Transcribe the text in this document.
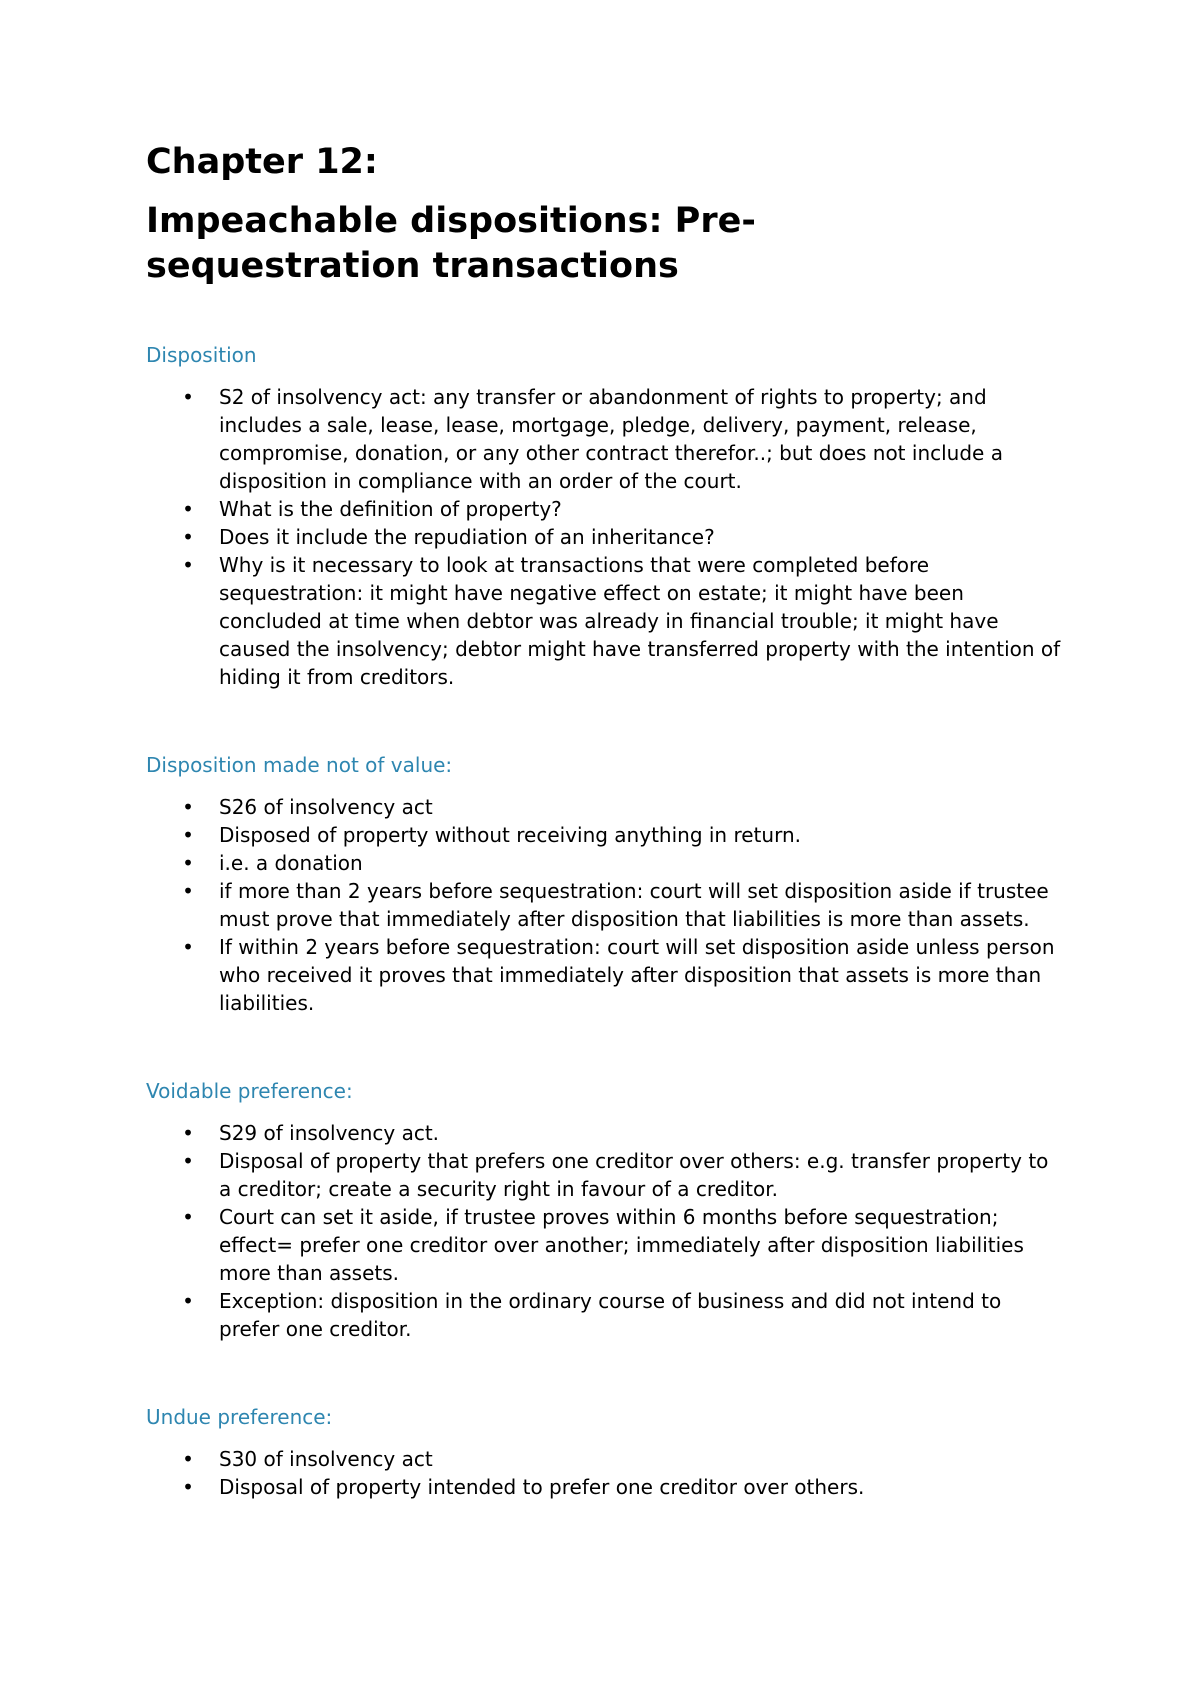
Chapter 12:
Impeachable dispositions: Pre-sequestration transactions
Disposition
• S2 of insolvency act: any transfer or abandonment of rights to property; and includes a sale, lease, lease, mortgage, pledge, delivery, payment, release, compromise, donation, or any other contract therefor..; but does not include a disposition in compliance with an order of the court.
• What is the definition of property?
• Does it include the repudiation of an inheritance?
• Why is it necessary to look at transactions that were completed before sequestration: it might have negative effect on estate; it might have been concluded at time when debtor was already in financial trouble; it might have caused the insolvency; debtor might have transferred property with the intention of hiding it from creditors.
Disposition made not of value:
• S26 of insolvency act
• Disposed of property without receiving anything in return.
• i.e. a donation
• if more than 2 years before sequestration: court will set disposition aside if trustee must prove that immediately after disposition that liabilities is more than assets.
• If within 2 years before sequestration: court will set disposition aside unless person who received it proves that immediately after disposition that assets is more than liabilities.
Voidable preference:
• S29 of insolvency act.
• Disposal of property that prefers one creditor over others: e.g. transfer property to a creditor; create a security right in favour of a creditor.
• Court can set it aside, if trustee proves within 6 months before sequestration; effect= prefer one creditor over another; immediately after disposition liabilities more than assets.
• Exception: disposition in the ordinary course of business and did not intend to prefer one creditor.
Undue preference:
• S30 of insolvency act
• Disposal of property intended to prefer one creditor over others.
